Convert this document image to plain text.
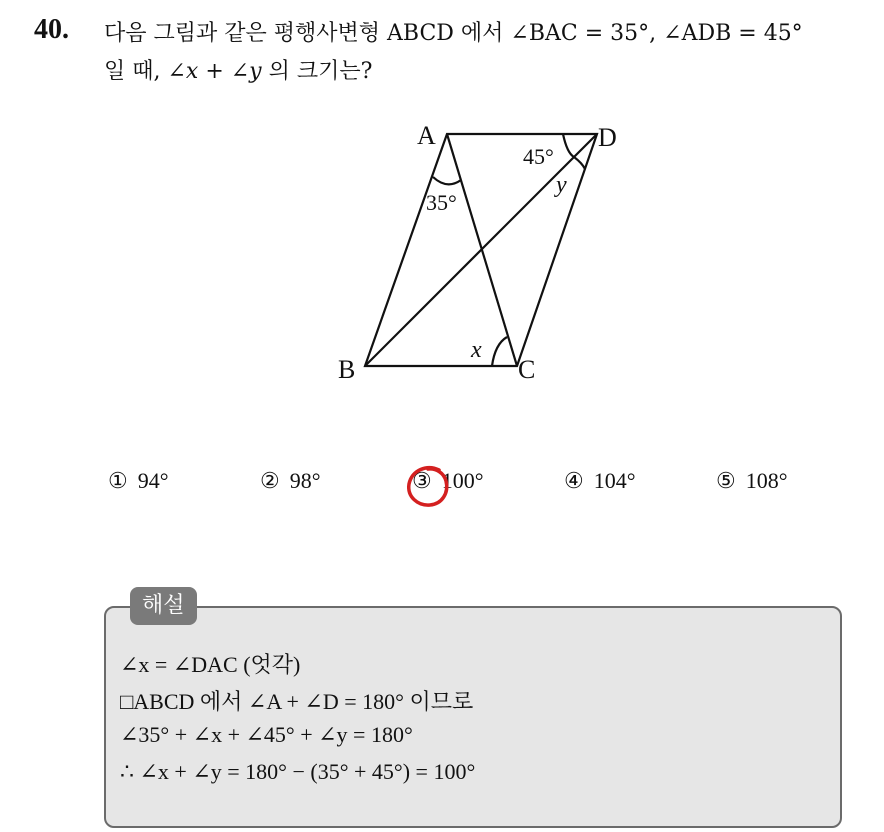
40. 다음 그림과 같은 평행사변형 ABCD 에서 ∠BAC = 35°, ∠ADB = 45°
일 때, ∠x + ∠y 의 크기는?
A	D
B	C
35°
45°
y
x
① 94°	② 98°	③ 100°	④ 104°	⑤ 108°
해설
∠x = ∠DAC (엇각)
□ABCD 에서 ∠A + ∠D = 180° 이므로
∠35° + ∠x + ∠45° + ∠y = 180°
∴ ∠x + ∠y = 180° − (35° + 45°) = 100°
